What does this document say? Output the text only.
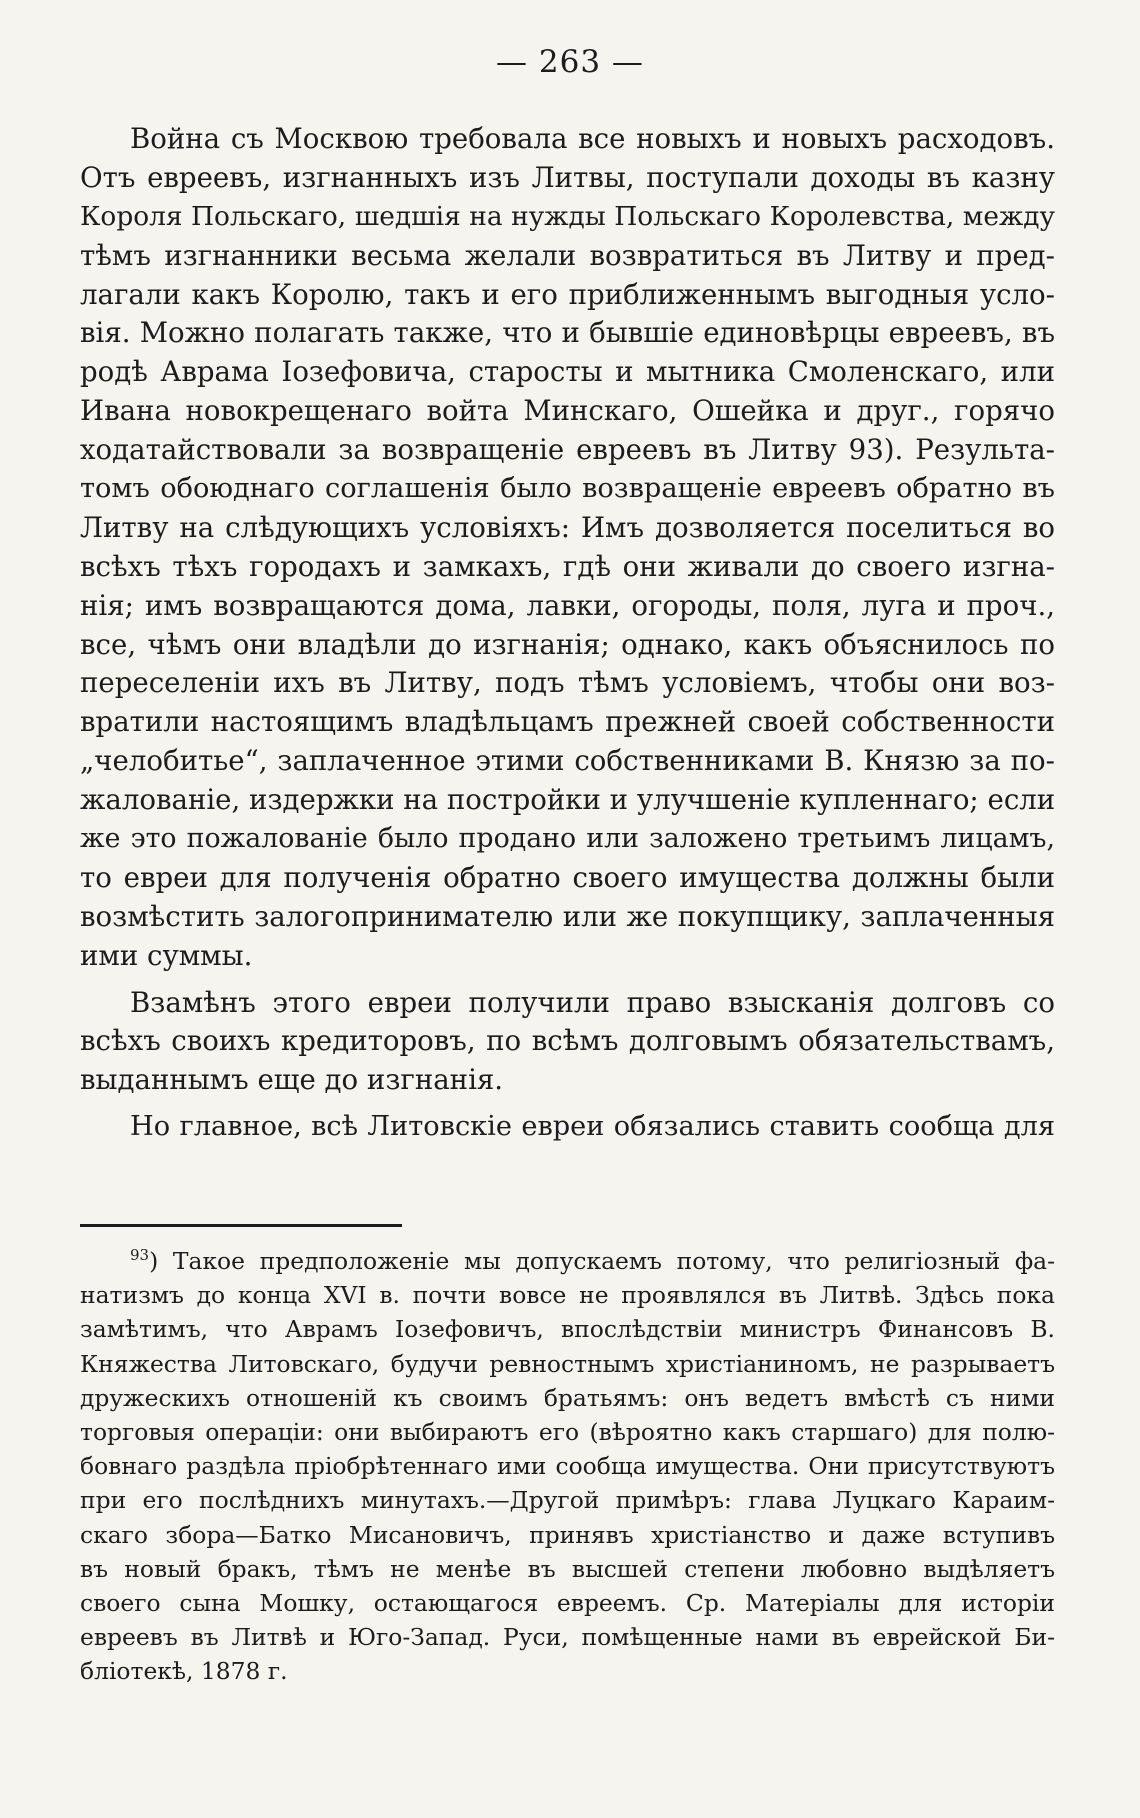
— 263 —
Война съ Москвою требовала все новыхъ и новыхъ расходовъ.
Отъ евреевъ, изгнанныхъ изъ Литвы, поступали доходы въ казну
Короля Польскаго, шедшія на нужды Польскаго Королевства, между
тѣмъ изгнанники весьма желали возвратиться въ Литву и пред-
лагали какъ Королю, такъ и его приближеннымъ выгодныя усло-
вія. Можно полагать также, что и бывшіе единовѣрцы евреевъ, въ
родѣ Аврама Іозефовича, старосты и мытника Смоленскаго, или
Ивана новокрещенаго войта Минскаго, Ошейка и друг., горячо
ходатайствовали за возвращеніе евреевъ въ Литву 93). Результа-
томъ обоюднаго соглашенія было возвращеніе евреевъ обратно въ
Литву на слѣдующихъ условіяхъ: Имъ дозволяется поселиться во
всѣхъ тѣхъ городахъ и замкахъ, гдѣ они живали до своего изгна-
нія; имъ возвращаются дома, лавки, огороды, поля, луга и проч.,
все, чѣмъ они владѣли до изгнанія; однако, какъ объяснилось по
переселеніи ихъ въ Литву, подъ тѣмъ условіемъ, чтобы они воз-
вратили настоящимъ владѣльцамъ прежней своей собственности
„челобитье“, заплаченное этими собственниками В. Князю за по-
жалованіе, издержки на постройки и улучшеніе купленнаго; если
же это пожалованіе было продано или заложено третьимъ лицамъ,
то евреи для полученія обратно своего имущества должны были
возмѣстить залогопринимателю или же покупщику, заплаченныя
ими суммы.
Взамѣнъ этого евреи получили право взысканія долговъ со
всѣхъ своихъ кредиторовъ, по всѣмъ долговымъ обязательствамъ,
выданнымъ еще до изгнанія.
Но главное, всѣ Литовскіе евреи обязались ставить сообща для
$^{93}$) Такое предположеніе мы допускаемъ потому, что религіозный фа-
натизмъ до конца XVI в. почти вовсе не проявлялся въ Литвѣ. Здѣсь пока
замѣтимъ, что Аврамъ Іозефовичъ, впослѣдствіи министръ Финансовъ В.
Княжества Литовскаго, будучи ревностнымъ христіаниномъ, не разрываетъ
дружескихъ отношеній къ своимъ братьямъ: онъ ведетъ вмѣстѣ съ ними
торговыя операціи: они выбираютъ его (вѣроятно какъ старшаго) для полю-
бовнаго раздѣла пріобрѣтеннаго ими сообща имущества. Они присутствуютъ
при его послѣднихъ минутахъ.—Другой примѣръ: глава Луцкаго Караим-
скаго збора—Батко Мисановичъ, принявъ христіанство и даже вступивъ
въ новый бракъ, тѣмъ не менѣе въ высшей степени любовно выдѣляетъ
своего сына Мошку, остающагося евреемъ. Ср. Матеріалы для исторіи
евреевъ въ Литвѣ и Юго-Запад. Руси, помѣщенные нами въ еврейской Би-
бліотекѣ, 1878 г.
